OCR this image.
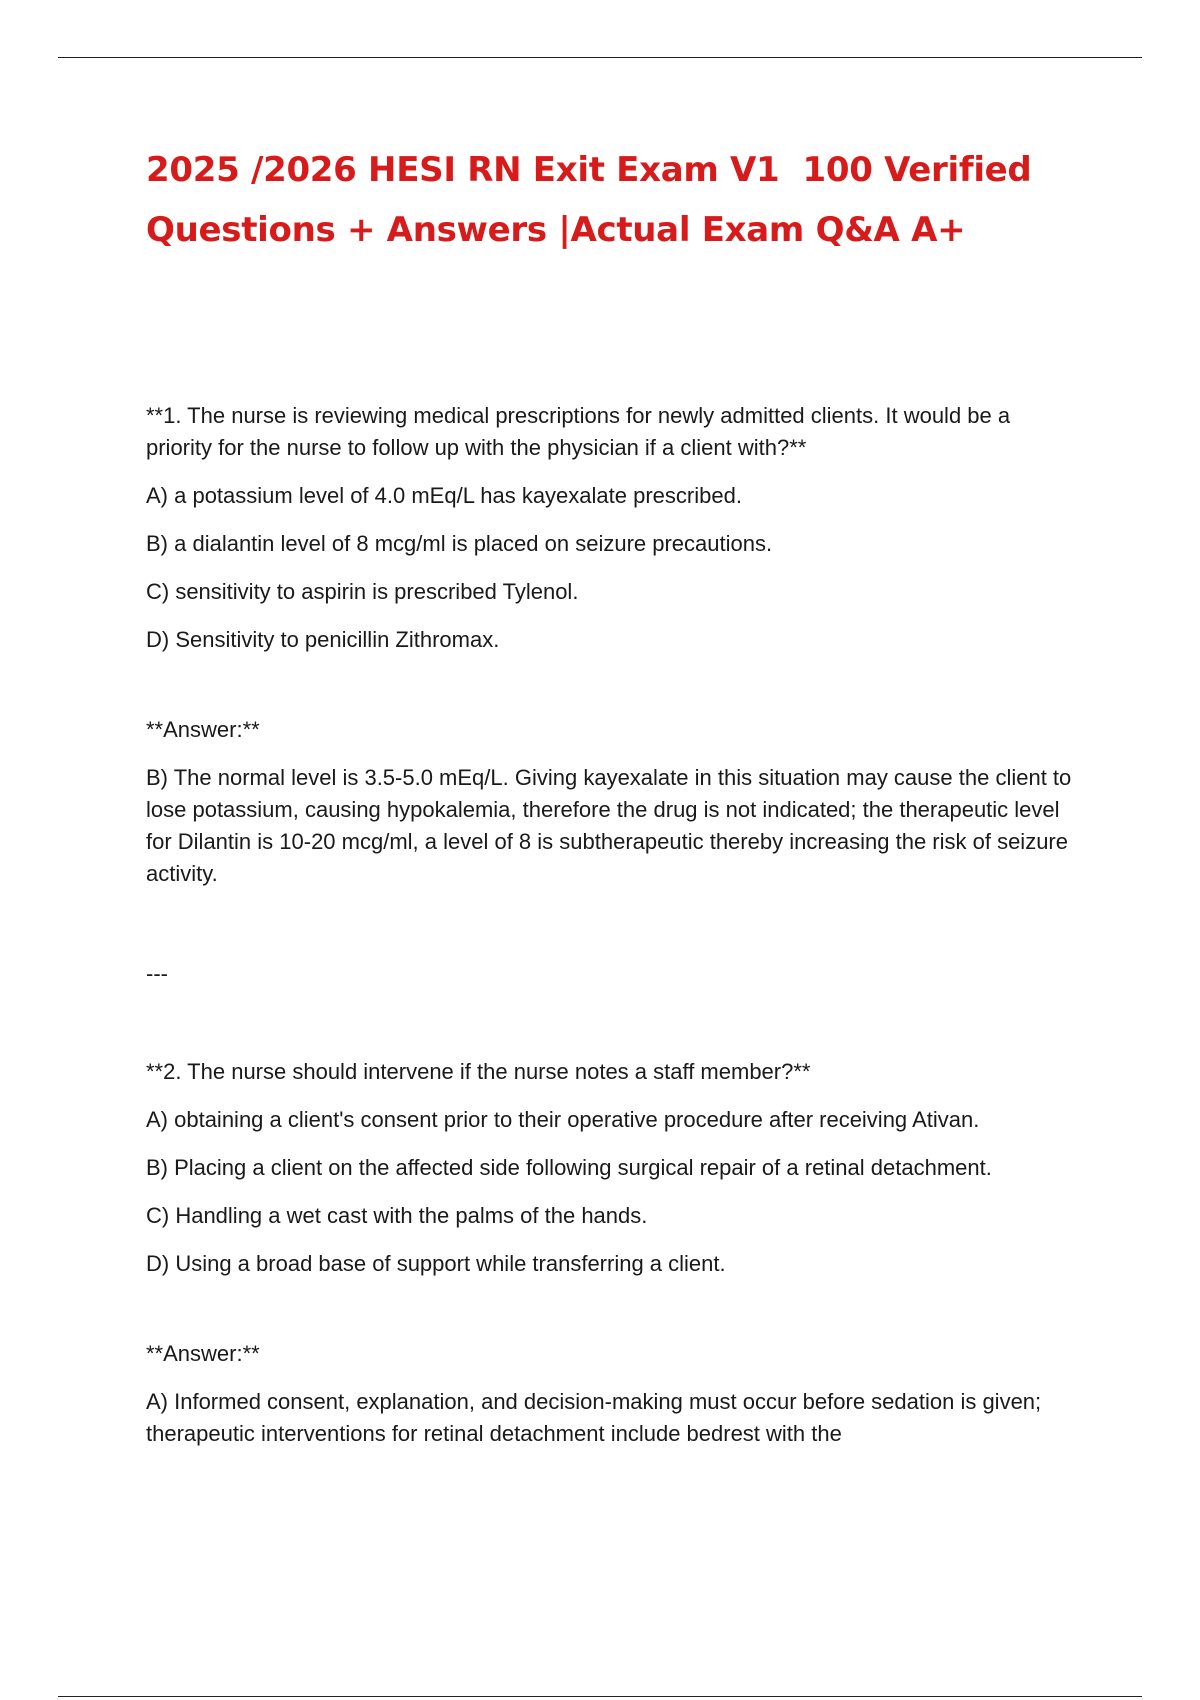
2025 /2026 HESI RN Exit Exam V1  100 Verified
Questions + Answers |Actual Exam Q&A A+

**1. The nurse is reviewing medical prescriptions for newly admitted clients. It would be a priority for the nurse to follow up with the physician if a client with?**

A) a potassium level of 4.0 mEq/L has kayexalate prescribed.

B) a dialantin level of 8 mcg/ml is placed on seizure precautions.

C) sensitivity to aspirin is prescribed Tylenol.

D) Sensitivity to penicillin Zithromax.

**Answer:**

B) The normal level is 3.5-5.0 mEq/L. Giving kayexalate in this situation may cause the client to lose potassium, causing hypokalemia, therefore the drug is not indicated; the therapeutic level for Dilantin is 10-20 mcg/ml, a level of 8 is subtherapeutic thereby increasing the risk of seizure activity.

---

**2. The nurse should intervene if the nurse notes a staff member?**

A) obtaining a client's consent prior to their operative procedure after receiving Ativan.

B) Placing a client on the affected side following surgical repair of a retinal detachment.

C) Handling a wet cast with the palms of the hands.

D) Using a broad base of support while transferring a client.

**Answer:**

A) Informed consent, explanation, and decision-making must occur before sedation is given; therapeutic interventions for retinal detachment include bedrest with the
